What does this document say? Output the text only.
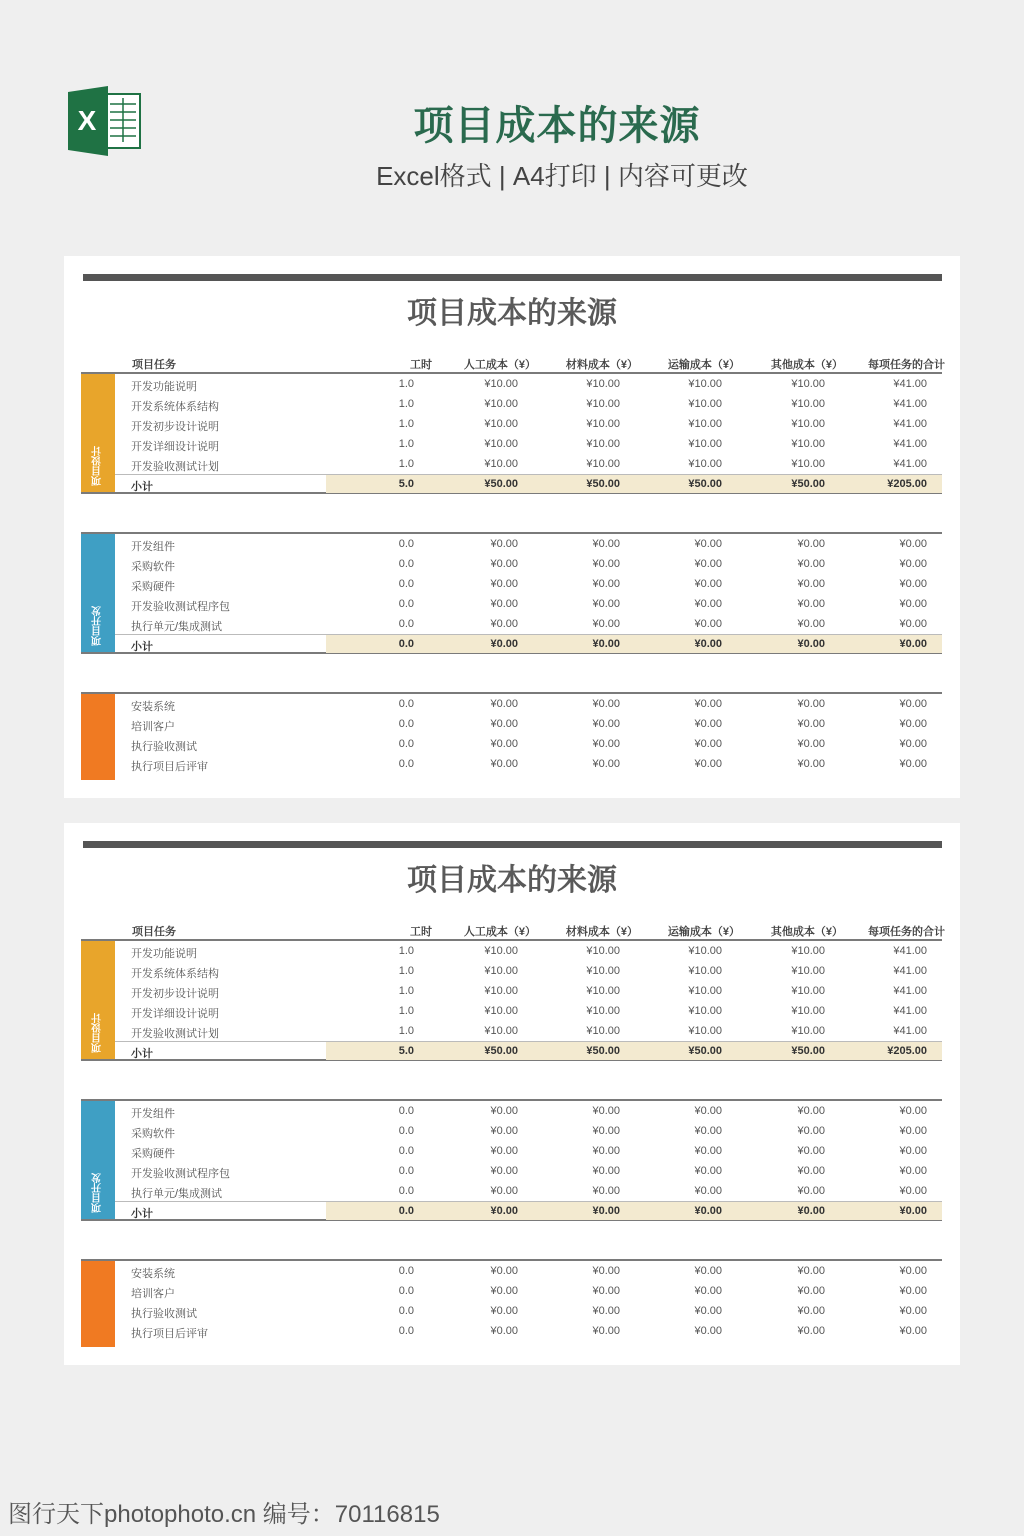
X	项目成本的来源
Excel格式 | A4打印 | 内容可更改
项目成本的来源
项目任务	工时	人工成本（¥）	材料成本（¥）	运输成本（¥）	其他成本（¥） 每项任务的合计
项目设计
开发功能说明	1.0	¥10.00	¥10.00	¥10.00	¥10.00	¥41.00
开发系统体系结构	1.0	¥10.00	¥10.00	¥10.00	¥10.00	¥41.00
开发初步设计说明	1.0	¥10.00	¥10.00	¥10.00	¥10.00	¥41.00
开发详细设计说明	1.0	¥10.00	¥10.00	¥10.00	¥10.00	¥41.00
开发验收测试计划	1.0	¥10.00	¥10.00	¥10.00	¥10.00	¥41.00
小计	5.0	¥50.00	¥50.00	¥50.00	¥50.00	¥205.00
项目开发
开发组件	0.0	¥0.00	¥0.00	¥0.00	¥0.00	¥0.00
采购软件	0.0	¥0.00	¥0.00	¥0.00	¥0.00	¥0.00
采购硬件	0.0	¥0.00	¥0.00	¥0.00	¥0.00	¥0.00
开发验收测试程序包	0.0	¥0.00	¥0.00	¥0.00	¥0.00	¥0.00
执行单元/集成测试	0.0	¥0.00	¥0.00	¥0.00	¥0.00	¥0.00
小计	0.0	¥0.00	¥0.00	¥0.00	¥0.00	¥0.00
安装系统	0.0	¥0.00	¥0.00	¥0.00	¥0.00	¥0.00
培训客户	0.0	¥0.00	¥0.00	¥0.00	¥0.00	¥0.00
执行验收测试	0.0	¥0.00	¥0.00	¥0.00	¥0.00	¥0.00
执行项目后评审	0.0	¥0.00	¥0.00	¥0.00	¥0.00	¥0.00
项目成本的来源
项目任务	工时	人工成本（¥）	材料成本（¥）	运输成本（¥）	其他成本（¥） 每项任务的合计
项目设计
开发功能说明	1.0	¥10.00	¥10.00	¥10.00	¥10.00	¥41.00
开发系统体系结构	1.0	¥10.00	¥10.00	¥10.00	¥10.00	¥41.00
开发初步设计说明	1.0	¥10.00	¥10.00	¥10.00	¥10.00	¥41.00
开发详细设计说明	1.0	¥10.00	¥10.00	¥10.00	¥10.00	¥41.00
开发验收测试计划	1.0	¥10.00	¥10.00	¥10.00	¥10.00	¥41.00
小计	5.0	¥50.00	¥50.00	¥50.00	¥50.00	¥205.00
项目开发
开发组件	0.0	¥0.00	¥0.00	¥0.00	¥0.00	¥0.00
采购软件	0.0	¥0.00	¥0.00	¥0.00	¥0.00	¥0.00
采购硬件	0.0	¥0.00	¥0.00	¥0.00	¥0.00	¥0.00
开发验收测试程序包	0.0	¥0.00	¥0.00	¥0.00	¥0.00	¥0.00
执行单元/集成测试	0.0	¥0.00	¥0.00	¥0.00	¥0.00	¥0.00
小计	0.0	¥0.00	¥0.00	¥0.00	¥0.00	¥0.00
安装系统	0.0	¥0.00	¥0.00	¥0.00	¥0.00	¥0.00
培训客户	0.0	¥0.00	¥0.00	¥0.00	¥0.00	¥0.00
执行验收测试	0.0	¥0.00	¥0.00	¥0.00	¥0.00	¥0.00
执行项目后评审	0.0	¥0.00	¥0.00	¥0.00	¥0.00	¥0.00
图行天下photophoto.cn 编号：70116815
